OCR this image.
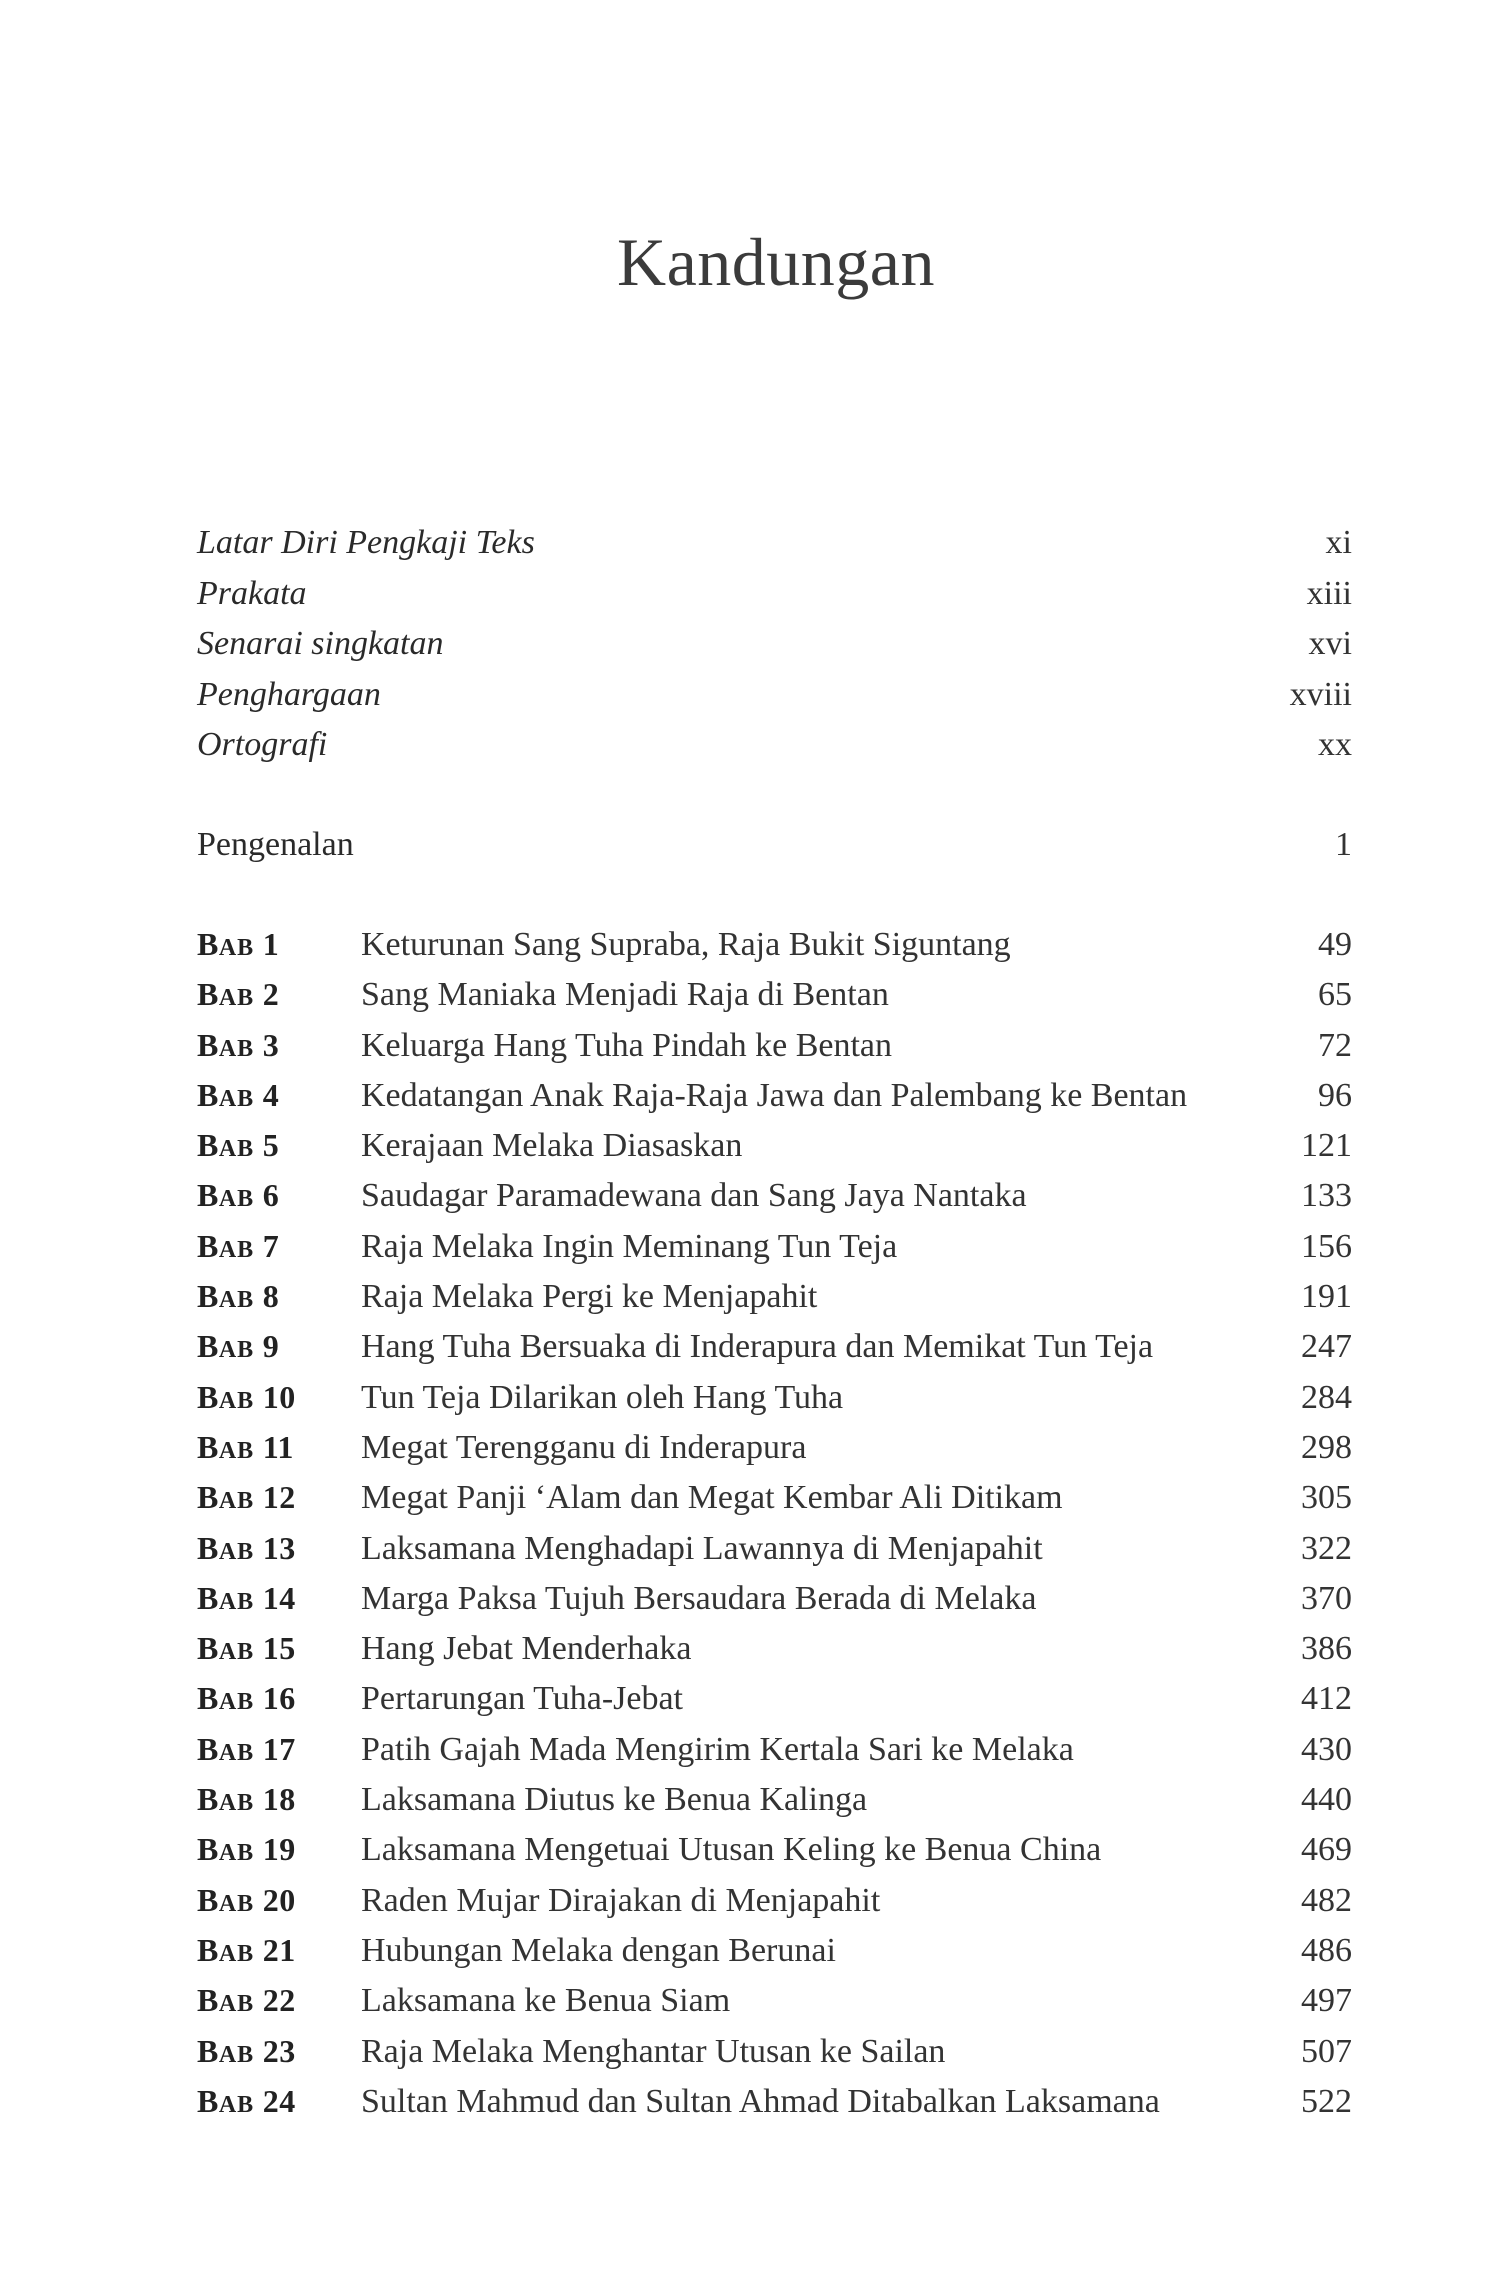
Kandungan
Latar Diri Pengkaji Teks	xi
Prakata	xiii
Senarai singkatan	xvi
Penghargaan	xviii
Ortografi	xx
Pengenalan	1
BAB 1	Keturunan Sang Supraba, Raja Bukit Siguntang	49
BAB 2	Sang Maniaka Menjadi Raja di Bentan	65
BAB 3	Keluarga Hang Tuha Pindah ke Bentan	72
BAB 4	Kedatangan Anak Raja-Raja Jawa dan Palembang ke Bentan	96
BAB 5	Kerajaan Melaka Diasaskan	121
BAB 6	Saudagar Paramadewana dan Sang Jaya Nantaka	133
BAB 7	Raja Melaka Ingin Meminang Tun Teja	156
BAB 8	Raja Melaka Pergi ke Menjapahit	191
BAB 9	Hang Tuha Bersuaka di Inderapura dan Memikat Tun Teja	247
BAB 10	Tun Teja Dilarikan oleh Hang Tuha	284
BAB 11	Megat Terengganu di Inderapura	298
BAB 12	Megat Panji ‘Alam dan Megat Kembar Ali Ditikam	305
BAB 13	Laksamana Menghadapi Lawannya di Menjapahit	322
BAB 14	Marga Paksa Tujuh Bersaudara Berada di Melaka	370
BAB 15	Hang Jebat Menderhaka	386
BAB 16	Pertarungan Tuha-Jebat	412
BAB 17	Patih Gajah Mada Mengirim Kertala Sari ke Melaka	430
BAB 18	Laksamana Diutus ke Benua Kalinga	440
BAB 19	Laksamana Mengetuai Utusan Keling ke Benua China	469
BAB 20	Raden Mujar Dirajakan di Menjapahit	482
BAB 21	Hubungan Melaka dengan Berunai	486
BAB 22	Laksamana ke Benua Siam	497
BAB 23	Raja Melaka Menghantar Utusan ke Sailan	507
BAB 24	Sultan Mahmud dan Sultan Ahmad Ditabalkan Laksamana	522
